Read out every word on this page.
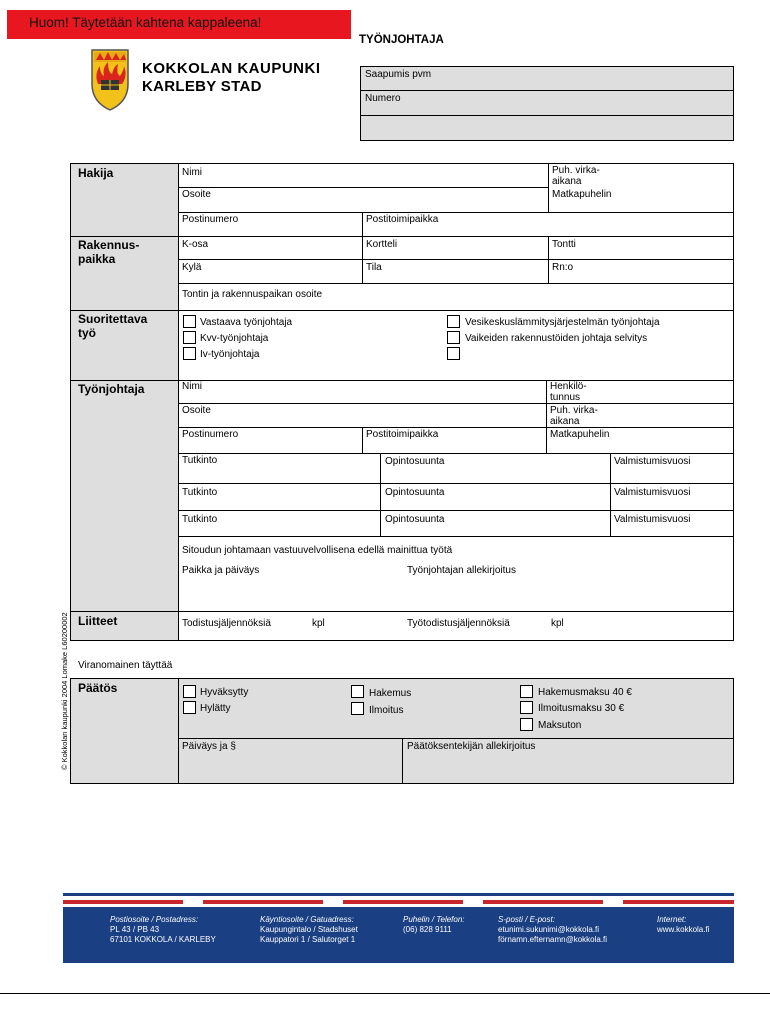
Huom! Täytetään kahtena kappaleena!
TYÖNJOHTAJA
KOKKOLAN KAUPUNKI
KARLEBY STAD
Saapumis pvm
Numero
Hakija	Nimi	Puh. virka-
aikana
Osoite	Matkapuhelin
Postinumero	Postitoimipaikka
Rakennus-
paikka
K-osa	Kortteli	Tontti
Kylä	Tila	Rn:o
Tontin ja rakennuspaikan osoite
Suoritettava
työ
Vastaava työnjohtaja
Kvv-työnjohtaja
Iv-työnjohtaja
Vesikeskuslämmitysjärjestelmän työnjohtaja
Vaikeiden rakennustöiden johtaja selvitys
Työnjohtaja	Nimi	Henkilö-
tunnus
Osoite	Puh. virka-
aikana
Postinumero	Postitoimipaikka	Matkapuhelin
Tutkinto	Opintosuunta	Valmistumisvuosi
Tutkinto	Opintosuunta	Valmistumisvuosi
Tutkinto	Opintosuunta	Valmistumisvuosi
Sitoudun johtamaan vastuuvelvollisena edellä mainittua työtä
Paikka ja päiväys	Työnjohtajan allekirjoitus
Liitteet	Todistusjäljennöksiä	kpl	Työtodistusjäljennöksiä	kpl
Viranomainen täyttää
Päätös	Hyväksytty
Hylätty
Hakemus
Ilmoitus
Hakemusmaksu 40 €
Ilmoitusmaksu 30 €
Maksuton
Päiväys ja §	Päätöksentekijän allekirjoitus
© Kokkolan kaupunki 2004 Lomake L60200002
Postiosoite / Postadress:
PL 43 / PB 43
67101 KOKKOLA / KARLEBY
Käyntiosoite / Gatuadress:
Kaupungintalo / Stadshuset
Kauppatori 1 / Salutorget 1
Puhelin / Telefon:
(06) 828 9111
S-posti / E-post:
etunimi.sukunimi@kokkola.fi
förnamn.efternamn@kokkola.fi
Internet:
www.kokkola.fi
